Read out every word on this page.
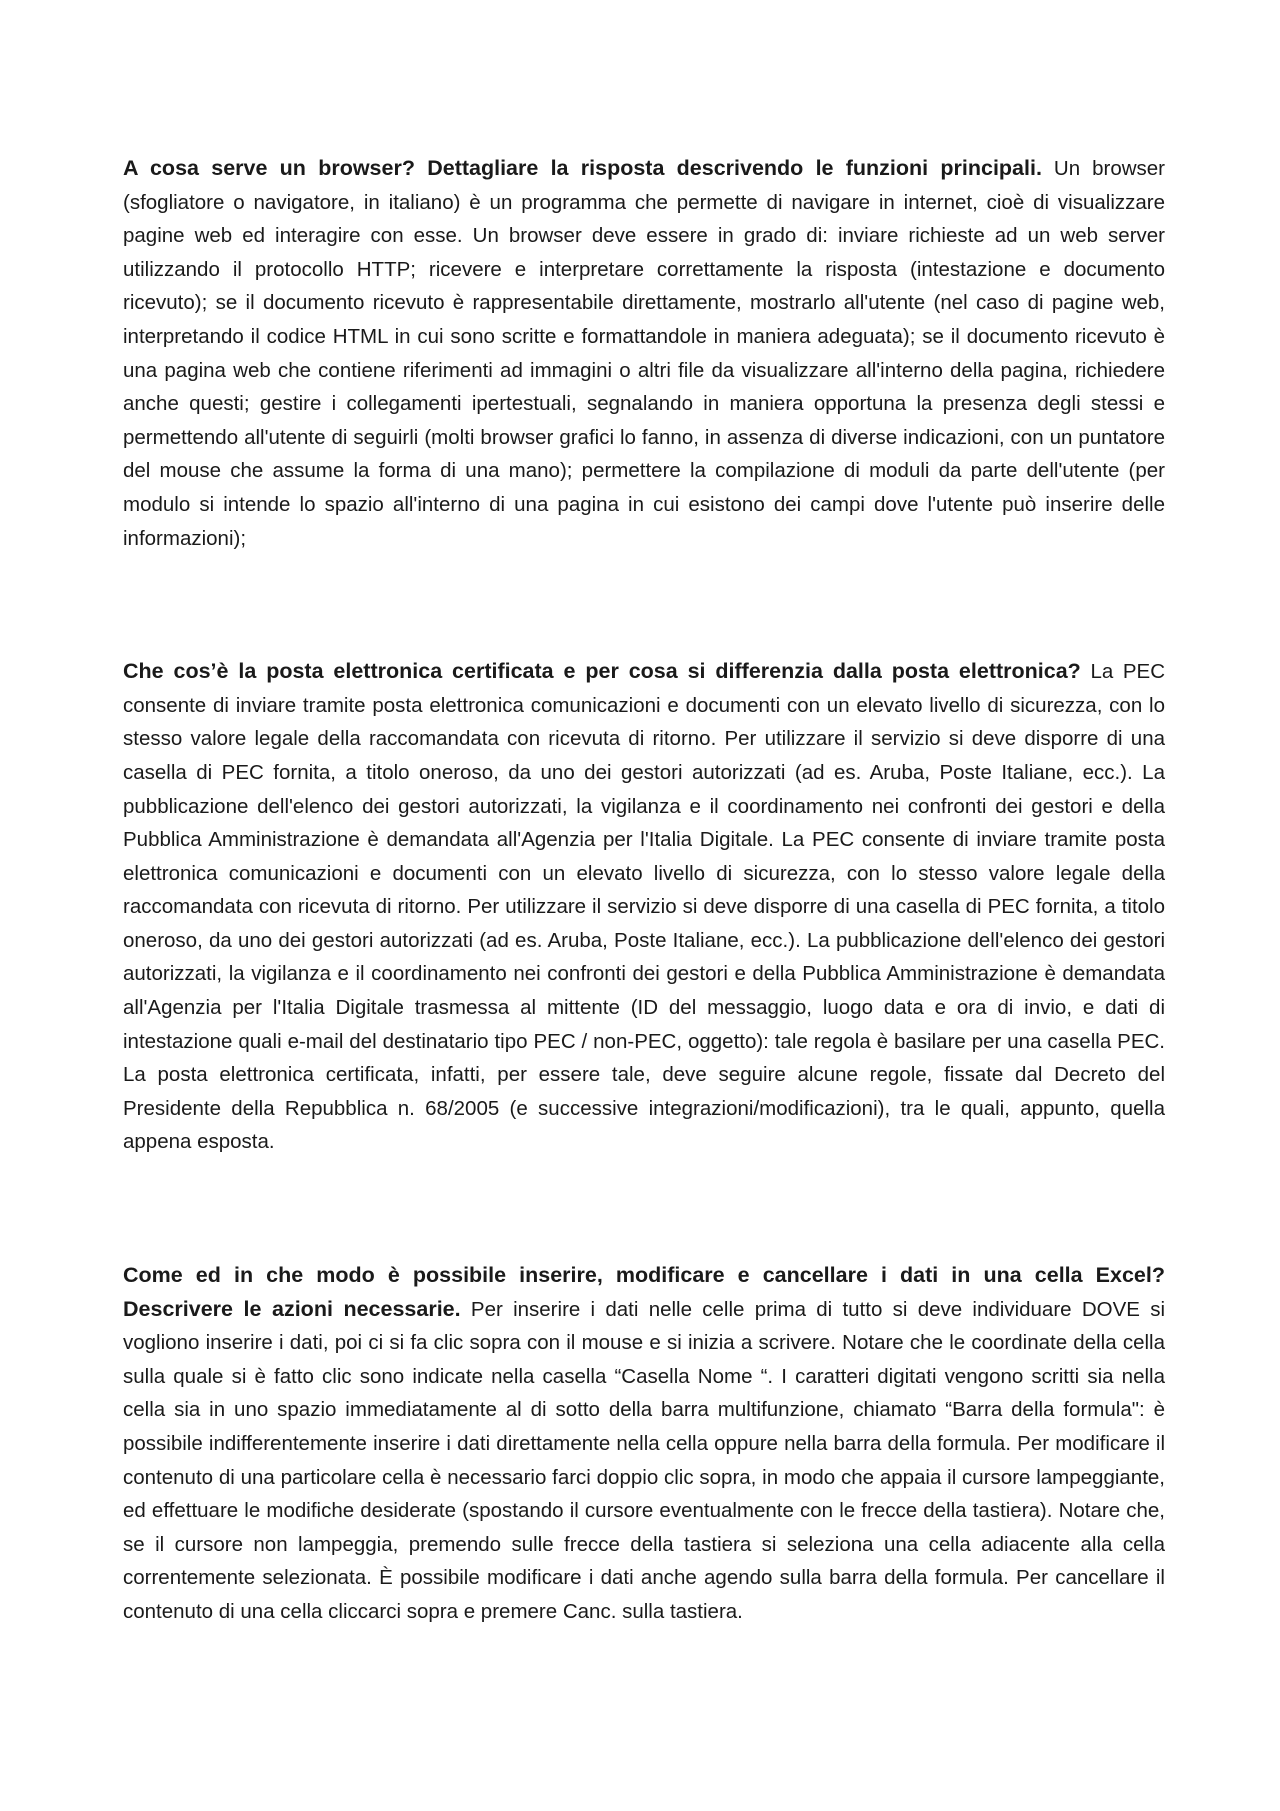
A cosa serve un browser? Dettagliare la risposta descrivendo le funzioni principali. Un browser (sfogliatore o navigatore, in italiano) è un programma che permette di navigare in internet, cioè di visualizzare pagine web ed interagire con esse. Un browser deve essere in grado di: inviare richieste ad un web server utilizzando il protocollo HTTP; ricevere e interpretare correttamente la risposta (intestazione e documento ricevuto); se il documento ricevuto è rappresentabile direttamente, mostrarlo all'utente (nel caso di pagine web, interpretando il codice HTML in cui sono scritte e formattandole in maniera adeguata); se il documento ricevuto è una pagina web che contiene riferimenti ad immagini o altri file da visualizzare all'interno della pagina, richiedere anche questi; gestire i collegamenti ipertestuali, segnalando in maniera opportuna la presenza degli stessi e permettendo all'utente di seguirli (molti browser grafici lo fanno, in assenza di diverse indicazioni, con un puntatore del mouse che assume la forma di una mano); permettere la compilazione di moduli da parte dell'utente (per modulo si intende lo spazio all'interno di una pagina in cui esistono dei campi dove l'utente può inserire delle informazioni);

Che cos’è la posta elettronica certificata e per cosa si differenzia dalla posta elettronica? La PEC consente di inviare tramite posta elettronica comunicazioni e documenti con un elevato livello di sicurezza, con lo stesso valore legale della raccomandata con ricevuta di ritorno. Per utilizzare il servizio si deve disporre di una casella di PEC fornita, a titolo oneroso, da uno dei gestori autorizzati (ad es. Aruba, Poste Italiane, ecc.). La pubblicazione dell'elenco dei gestori autorizzati, la vigilanza e il coordinamento nei confronti dei gestori e della Pubblica Amministrazione è demandata all'Agenzia per l'Italia Digitale. La PEC consente di inviare tramite posta elettronica comunicazioni e documenti con un elevato livello di sicurezza, con lo stesso valore legale della raccomandata con ricevuta di ritorno. Per utilizzare il servizio si deve disporre di una casella di PEC fornita, a titolo oneroso, da uno dei gestori autorizzati (ad es. Aruba, Poste Italiane, ecc.). La pubblicazione dell'elenco dei gestori autorizzati, la vigilanza e il coordinamento nei confronti dei gestori e della Pubblica Amministrazione è demandata all'Agenzia per l'Italia Digitale trasmessa al mittente (ID del messaggio, luogo data e ora di invio, e dati di intestazione quali e-mail del destinatario tipo PEC / non-PEC, oggetto): tale regola è basilare per una casella PEC. La posta elettronica certificata, infatti, per essere tale, deve seguire alcune regole, fissate dal Decreto del Presidente della Repubblica n. 68/2005 (e successive integrazioni/modificazioni), tra le quali, appunto, quella appena esposta.

Come ed in che modo è possibile inserire, modificare e cancellare i dati in una cella Excel? Descrivere le azioni necessarie. Per inserire i dati nelle celle prima di tutto si deve individuare DOVE si vogliono inserire i dati, poi ci si fa clic sopra con il mouse e si inizia a scrivere. Notare che le coordinate della cella sulla quale si è fatto clic sono indicate nella casella “Casella Nome “. I caratteri digitati vengono scritti sia nella cella sia in uno spazio immediatamente al di sotto della barra multifunzione, chiamato “Barra della formula": è possibile indifferentemente inserire i dati direttamente nella cella oppure nella barra della formula. Per modificare il contenuto di una particolare cella è necessario farci doppio clic sopra, in modo che appaia il cursore lampeggiante, ed effettuare le modifiche desiderate (spostando il cursore eventualmente con le frecce della tastiera). Notare che, se il cursore non lampeggia, premendo sulle frecce della tastiera si seleziona una cella adiacente alla cella correntemente selezionata. È possibile modificare i dati anche agendo sulla barra della formula. Per cancellare il contenuto di una cella cliccarci sopra e premere Canc. sulla tastiera.
